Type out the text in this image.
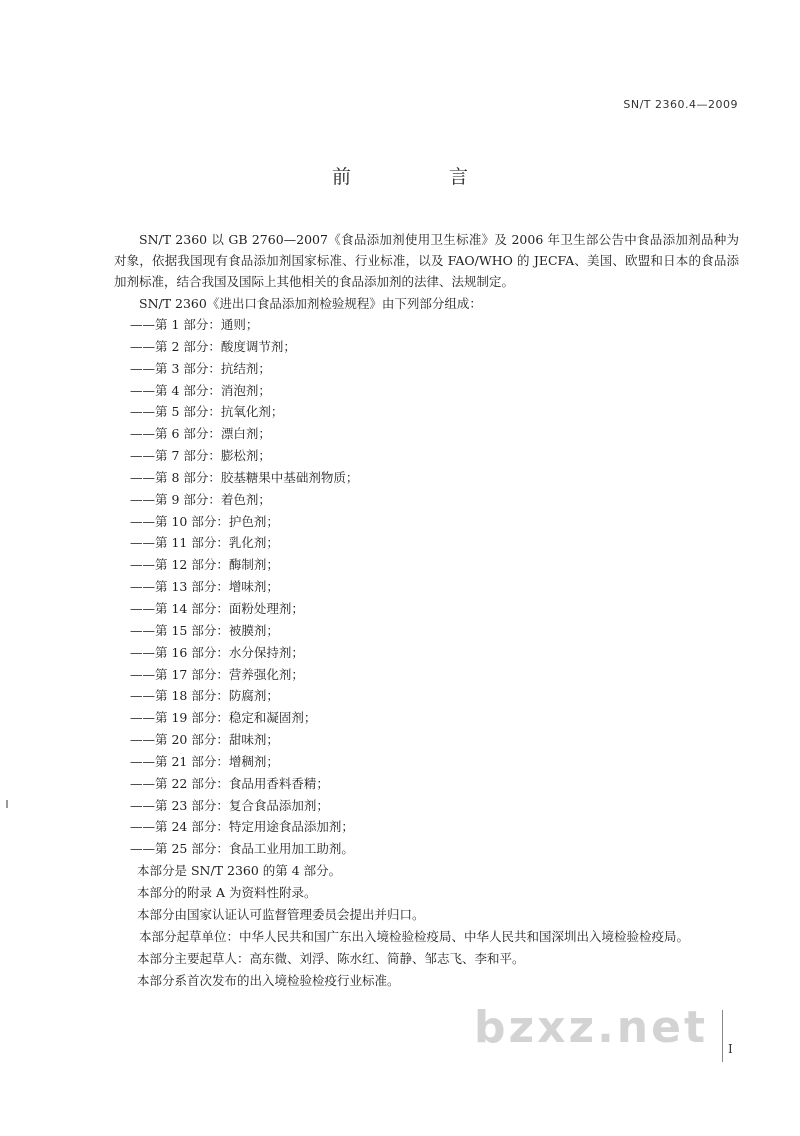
SN/T 2360.4—2009
前 言

SN/T 2360 以 GB 2760—2007《食品添加剂使用卫生标准》及 2006 年卫生部公告中食品添加剂品种为对象，依据我国现有食品添加剂国家标准、行业标准，以及 FAO/WHO 的 JECFA、美国、欧盟和日本的食品添加剂标准，结合我国及国际上其他相关的食品添加剂的法律、法规制定。

SN/T 2360《进出口食品添加剂检验规程》由下列部分组成：

——第 1 部分：通则；
——第 2 部分：酸度调节剂；
——第 3 部分：抗结剂；
——第 4 部分：消泡剂；
——第 5 部分：抗氧化剂；
——第 6 部分：漂白剂；
——第 7 部分：膨松剂；
——第 8 部分：胶基糖果中基础剂物质；
——第 9 部分：着色剂；
——第 10 部分：护色剂；
——第 11 部分：乳化剂；
——第 12 部分：酶制剂；
——第 13 部分：增味剂；
——第 14 部分：面粉处理剂；
——第 15 部分：被膜剂；
——第 16 部分：水分保持剂；
——第 17 部分：营养强化剂；
——第 18 部分：防腐剂；
——第 19 部分：稳定和凝固剂；
——第 20 部分：甜味剂；
——第 21 部分：增稠剂；
——第 22 部分：食品用香料香精；
——第 23 部分：复合食品添加剂；
——第 24 部分：特定用途食品添加剂；
——第 25 部分：食品工业用加工助剂。

本部分是 SN/T 2360 的第 4 部分。

本部分的附录 A 为资料性附录。

本部分由国家认证认可监督管理委员会提出并归口。

本部分起草单位：中华人民共和国广东出入境检验检疫局、中华人民共和国深圳出入境检验检疫局。

本部分主要起草人：高东微、刘浮、陈水红、简静、邹志飞、李和平。

本部分系首次发布的出入境检验检疫行业标准。

bzxz.net I
